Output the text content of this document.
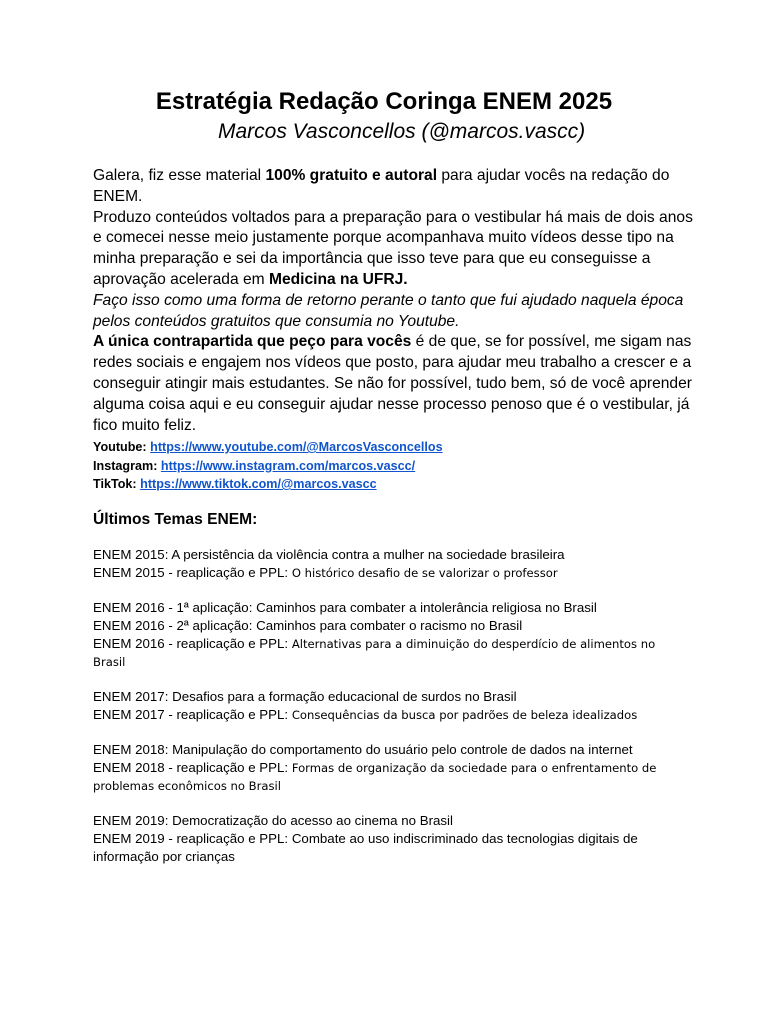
Estratégia Redação Coringa ENEM 2025
Marcos Vasconcellos (@marcos.vascc)

Galera, fiz esse material 100% gratuito e autoral para ajudar vocês na redação do ENEM.

Produzo conteúdos voltados para a preparação para o vestibular há mais de dois anos e comecei nesse meio justamente porque acompanhava muito vídeos desse tipo na minha preparação e sei da importância que isso teve para que eu conseguisse a aprovação acelerada em Medicina na UFRJ.

Faço isso como uma forma de retorno perante o tanto que fui ajudado naquela época pelos conteúdos gratuitos que consumia no Youtube.

A única contrapartida que peço para vocês é de que, se for possível, me sigam nas redes sociais e engajem nos vídeos que posto, para ajudar meu trabalho a crescer e a conseguir atingir mais estudantes. Se não for possível, tudo bem, só de você aprender alguma coisa aqui e eu conseguir ajudar nesse processo penoso que é o vestibular, já fico muito feliz.

Youtube: https://www.youtube.com/@MarcosVasconcellos
Instagram: https://www.instagram.com/marcos.vascc/
TikTok: https://www.tiktok.com/@marcos.vascc
Últimos Temas ENEM:
ENEM 2015: A persistência da violência contra a mulher na sociedade brasileira
ENEM 2015 - reaplicação e PPL: O histórico desafio de se valorizar o professor
ENEM 2016 - 1ª aplicação: Caminhos para combater a intolerância religiosa no Brasil
ENEM 2016 - 2ª aplicação: Caminhos para combater o racismo no Brasil
ENEM 2016 - reaplicação e PPL: Alternativas para a diminuição do desperdício de alimentos no Brasil
ENEM 2017: Desafios para a formação educacional de surdos no Brasil
ENEM 2017 - reaplicação e PPL: Consequências da busca por padrões de beleza idealizados
ENEM 2018: Manipulação do comportamento do usuário pelo controle de dados na internet
ENEM 2018 - reaplicação e PPL: Formas de organização da sociedade para o enfrentamento de problemas econômicos no Brasil
ENEM 2019: Democratização do acesso ao cinema no Brasil
ENEM 2019 - reaplicação e PPL: Combate ao uso indiscriminado das tecnologias digitais de informação por crianças
